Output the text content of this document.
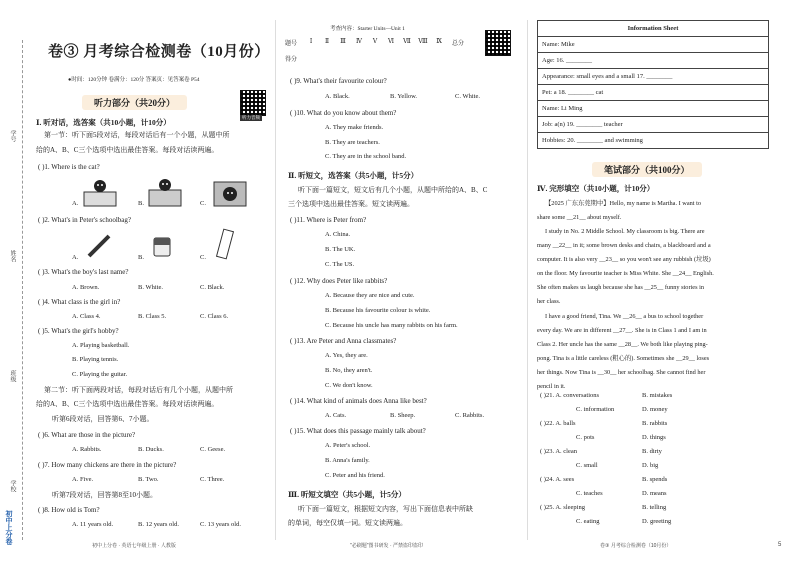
学号
姓名
班级
学校
初中上分卷
卷③ 月考综合检测卷（10月份）
●时间：120分钟 卷满分：120分 答案页：见答案卷 P54
听力部分（共20分）
听力音频
Ⅰ. 听对话，选答案（共10小题，计10分）
第一节：听下面5段对话，每段对话后有一个小题，从题中所
给的A、B、C三个选项中选出最佳答案。每段对话读两遍。
( )1. Where is the cat?
A.	B.	C.
( )2. What's in Peter's schoolbag?
A.	B.	C.
( )3. What's the boy's last name?
A. Brown.	B. White.	C. Black.
( )4. What class is the girl in?
A. Class 4.	B. Class 5.	C. Class 6.
( )5. What's the girl's hobby?
A. Playing basketball.
B. Playing tennis.
C. Playing the guitar.
第二节：听下面两段对话，每段对话后有几个小题，从题中所
给的A、B、C三个选项中选出最佳答案。每段对话读两遍。
听第6段对话，回答第6、7小题。
( )6. What are those in the picture?
A. Rabbits.	B. Ducks.	C. Geese.
( )7. How many chickens are there in the picture?
A. Five.	B. Two.	C. Three.
听第7段对话，回答第8至10小题。
( )8. How old is Tom?
A. 11 years old.	B. 12 years old.	C. 13 years old.
初中上分卷 · 英语七年级上册 · 人教版
考查内容：Starter Units—Unit 1
题号	Ⅰ	Ⅱ	Ⅲ	Ⅳ	Ⅴ	Ⅵ	Ⅶ	Ⅷ	Ⅸ	总分
得分
( )9. What's their favourite colour?
A. Black.	B. Yellow.	C. White.
( )10. What do you know about them?
A. They make friends.
B. They are teachers.
C. They are in the school band.
Ⅱ. 听短文，选答案（共5小题，计5分）
听下面一篇短文，短文后有几个小题，从题中所给的A、B、C
三个选项中选出最佳答案。短文读两遍。
( )11. Where is Peter from?
A. China.
B. The UK.
C. The US.
( )12. Why does Peter like rabbits?
A. Because they are nice and cute.
B. Because his favourite colour is white.
C. Because his uncle has many rabbits on his farm.
( )13. Are Peter and Anna classmates?
A. Yes, they are.
B. No, they aren't.
C. We don't know.
( )14. What kind of animals does Anna like best?
A. Cats.	B. Sheep.	C. Rabbits.
( )15. What does this passage mainly talk about?
A. Peter's school.
B. Anna's family.
C. Peter and his friend.
Ⅲ. 听短文填空（共5小题，计5分）
听下面一篇短文，根据短文内容，写出下面信息表中所缺
的单词，每空仅填一词。短文读两遍。
"必刷题"图书研发 · 严禁盗印盗印
Information Sheet
Name: Mike
Age: 16. ________
Appearance: small eyes and a small 17. ________
Pet: a 18. ________ cat
Name: Li Ming
Job: a(n) 19. ________ teacher
Hobbies: 20. ________ and swimming
笔试部分（共100分）
Ⅳ. 完形填空（共10小题，计10分）
【2025 广东东莞期中】Hello, my name is Martha. I want to
share some __21__ about myself.
I study in No. 2 Middle School. My classroom is big. There are
many __22__ in it; some brown desks and chairs, a blackboard and a
computer. It is also very __23__ so you won't see any rubbish (垃圾)
on the floor. My favourite teacher is Miss White. She __24__ English.
She often makes us laugh because she has __25__ funny stories in
her class.
I have a good friend, Tina. We __26__ a bus to school together
every day. We are in different __27__. She is in Class 1 and I am in
Class 2. Her uncle has the same __28__. We both like playing ping-
pong. Tina is a little careless (粗心的). Sometimes she __29__ loses
her things. Now Tina is __30__ her schoolbag. She cannot find her
pencil in it.
( )21. A. conversations	B. mistakes
C. information	D. money
( )22. A. balls	B. rabbits
C. pots	D. things
( )23. A. clean	B. dirty
C. small	D. big
( )24. A. sees	B. spends
C. teaches	D. means
( )25. A. sleeping	B. telling
C. eating	D. greeting
卷③ 月考综合检测卷（10月份）	5
